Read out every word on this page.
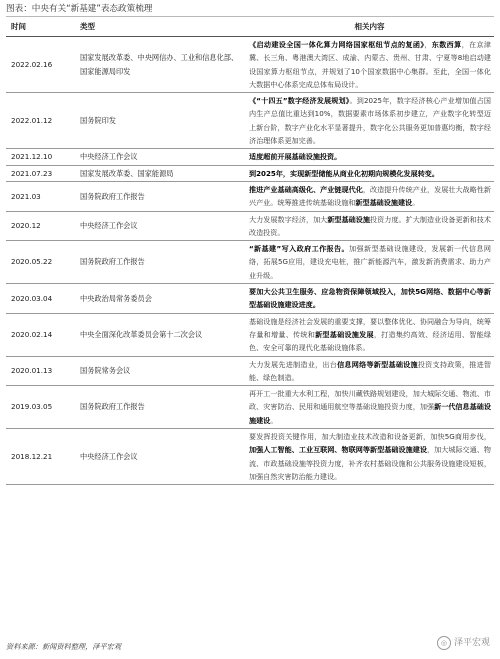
图表：中央有关“新基建”表态政策梳理
时间	类型	相关内容
2022.02.16	国家发展改革委、中央网信办、工业和信息化部、国家能源局印发	《启动建设全国一体化算力网络国家枢纽节点的复函》，东数西算，在京津冀、长三角、粤港澳大湾区、成渝、内蒙古、贵州、甘肃、宁夏等8地启动建设国家算力枢纽节点，并规划了10个国家数据中心集群。至此，全国一体化大数据中心体系完成总体布局设计。
2022.01.12	国务院印发	《“十四五”数字经济发展规划》。到2025年，数字经济核心产业增加值占国内生产总值比重达到10%，数据要素市场体系初步建立，产业数字化转型迈上新台阶，数字产业化水平显著提升，数字化公共服务更加普惠均衡，数字经济治理体系更加完善。
2021.12.10	中央经济工作会议	适度超前开展基础设施投资。
2021.07.23	国家发展改革委、国家能源局	到2025年，实现新型储能从商业化初期向规模化发展转变。
2021.03	国务院政府工作报告	推进产业基础高级化、产业链现代化，改造提升传统产业，发展壮大战略性新兴产业。统筹推进传统基础设施和新型基础设施建设。
2020.12	中央经济工作会议	大力发展数字经济，加大新型基础设施投资力度。扩大制造业设备更新和技术改造投资。
2020.05.22	国务院政府工作报告	“新基建”写入政府工作报告。加强新型基础设施建设，发展新一代信息网络，拓展5G应用，建设充电桩，推广新能源汽车，激发新消费需求、助力产业升级。
2020.03.04	中央政治局常务委员会	要加大公共卫生服务、应急物资保障领域投入，加快5G网络、数据中心等新型基础设施建设进度。
2020.02.14	中央全面深化改革委员会第十二次会议	基础设施是经济社会发展的重要支撑，要以整体优化、协同融合为导向，统筹存量和增量、传统和新型基础设施发展，打造集约高效、经济适用、智能绿色、安全可靠的现代化基础设施体系。
2020.01.13	国务院常务会议	大力发展先进制造业，出台信息网络等新型基础设施投资支持政策，推进智能、绿色制造。
2019.03.05	国务院政府工作报告	再开工一批重大水利工程，加快川藏铁路规划建设，加大城际交通、物流、市政、灾害防治、民用和通用航空等基础设施投资力度，加强新一代信息基础设施建设。
2018.12.21	中央经济工作会议	要发挥投资关键作用，加大制造业技术改造和设备更新，加快5G商用步伐，加强人工智能、工业互联网、物联网等新型基础设施建设，加大城际交通、物流、市政基础设施等投资力度，补齐农村基础设施和公共服务设施建设短板，加强自然灾害防治能力建设。
资料来源：新闻资料整理，泽平宏观	◎ 泽平宏观
